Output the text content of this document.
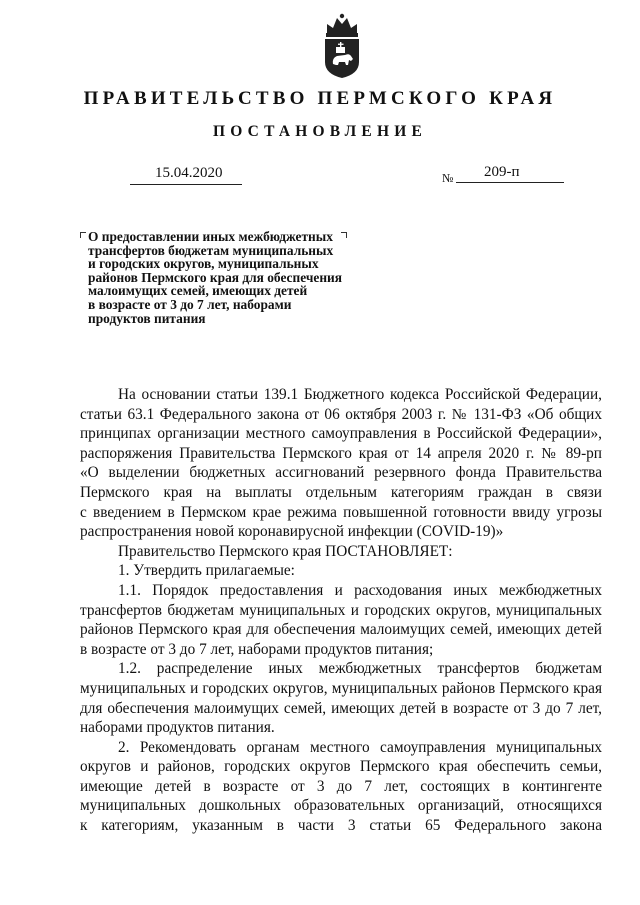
ПРАВИТЕЛЬСТВО ПЕРМСКОГО КРАЯ
ПОСТАНОВЛЕНИЕ
15.04.2020	№ 209-п
О предоставлении иных межбюджетных
трансфертов бюджетам муниципальных
и городских округов, муниципальных
районов Пермского края для обеспечения
малоимущих семей, имеющих детей
в возрасте от 3 до 7 лет, наборами
продуктов питания
На основании статьи 139.1 Бюджетного кодекса Российской Федерации,
статьи 63.1 Федерального закона от 06 октября 2003 г. № 131-ФЗ «Об общих
принципах организации местного самоуправления в Российской Федерации»,
распоряжения Правительства Пермского края от 14 апреля 2020 г. № 89-рп
«О выделении бюджетных ассигнований резервного фонда Правительства
Пермского края на выплаты отдельным категориям граждан в связи
с введением в Пермском крае режима повышенной готовности ввиду угрозы
распространения новой коронавирусной инфекции (COVID-19)»
Правительство Пермского края ПОСТАНОВЛЯЕТ:
1. Утвердить прилагаемые:
1.1. Порядок предоставления и расходования иных межбюджетных
трансфертов бюджетам муниципальных и городских округов, муниципальных
районов Пермского края для обеспечения малоимущих семей, имеющих детей
в возрасте от 3 до 7 лет, наборами продуктов питания;
1.2. распределение иных межбюджетных трансфертов бюджетам
муниципальных и городских округов, муниципальных районов Пермского края
для обеспечения малоимущих семей, имеющих детей в возрасте от 3 до 7 лет,
наборами продуктов питания.
2. Рекомендовать органам местного самоуправления муниципальных
округов и районов, городских округов Пермского края обеспечить семьи,
имеющие детей в возрасте от 3 до 7 лет, состоящих в контингенте
муниципальных дошкольных образовательных организаций, относящихся
к категориям, указанным в части 3 статьи 65 Федерального закона
